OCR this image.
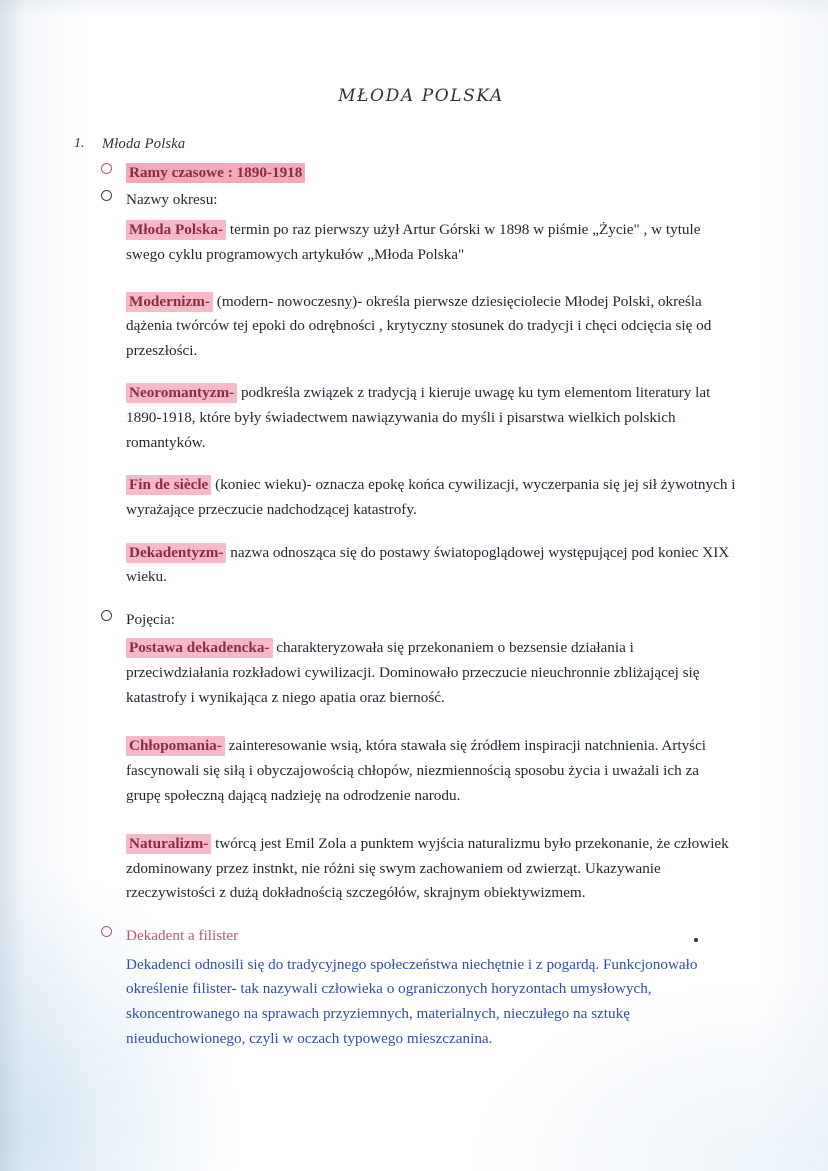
MŁODA POLSKA
1.	Młoda Polska
Ramy czasowe : 1890-1918
Nazwy okresu:

Młoda Polska- termin po raz pierwszy użył Artur Górski w 1898 w piśmie „Życie" , w tytule swego cyklu programowych artykułów „Młoda Polska"

Modernizm- (modern- nowoczesny)- określa pierwsze dziesięciolecie Młodej Polski, określa dążenia twórców tej epoki do odrębności , krytyczny stosunek do tradycji i chęci odcięcia się od przeszłości.

Neoromantyzm- podkreśla związek z tradycją i kieruje uwagę ku tym elementom literatury lat 1890-1918, które były świadectwem nawiązywania do myśli i pisarstwa wielkich polskich romantyków.

Fin de siècle (koniec wieku)- oznacza epokę końca cywilizacji, wyczerpania się jej sił żywotnych i wyrażające przeczucie nadchodzącej katastrofy.

Dekadentyzm- nazwa odnosząca się do postawy światopoglądowej występującej pod koniec XIX wieku.

Pojęcia:

Postawa dekadencka- charakteryzowała się przekonaniem o bezsensie działania i przeciwdziałania rozkładowi cywilizacji. Dominowało przeczucie nieuchronnie zbliżającej się katastrofy i wynikająca z niego apatia oraz bierność.

Chłopomania- zainteresowanie wsią, która stawała się źródłem inspiracji natchnienia. Artyści fascynowali się siłą i obyczajowością chłopów, niezmiennością sposobu życia i uważali ich za grupę społeczną dającą nadzieję na odrodzenie narodu.

Naturalizm- twórcą jest Emil Zola a punktem wyjścia naturalizmu było przekonanie, że człowiek zdominowany przez instnkt, nie różni się swym zachowaniem od zwierząt. Ukazywanie rzeczywistości z dużą dokładnością szczegółów, skrajnym obiektywizmem.

Dekadent a filister

Dekadenci odnosili się do tradycyjnego społeczeństwa niechętnie i z pogardą. Funkcjonowało określenie filister- tak nazywali człowieka o ograniczonych horyzontach umysłowych, skoncentrowanego na sprawach przyziemnych, materialnych, nieczułego na sztukę nieuduchowionego, czyli w oczach typowego mieszczanina.
